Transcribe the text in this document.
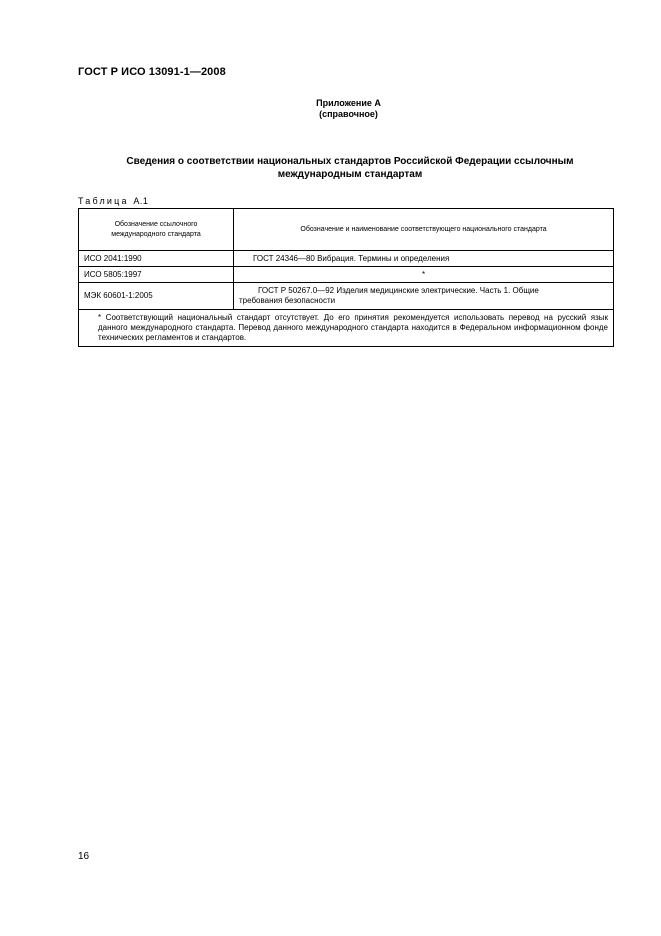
ГОСТ Р ИСО 13091-1—2008
Приложение А
(справочное)
Сведения о соответствии национальных стандартов Российской Федерации ссылочным
международным стандартам
Таблица А.1
Обозначение ссылочного
международного стандарта	Обозначение и наименование соответствующего национального стандарта
ИСО 2041:1990	ГОСТ 24346—80 Вибрация. Термины и определения
ИСО 5805:1997	*
МЭК 60601-1:2005	ГОСТ Р 50267.0—92 Изделия медицинские электрические. Часть 1. Общие
требования безопасности

* Соответствующий национальный стандарт отсутствует. До его принятия рекомендуется использовать перевод на русский язык данного международного стандарта. Перевод данного международного стандарта находится в Федеральном информационном фонде технических регламентов и стандартов.	
16
